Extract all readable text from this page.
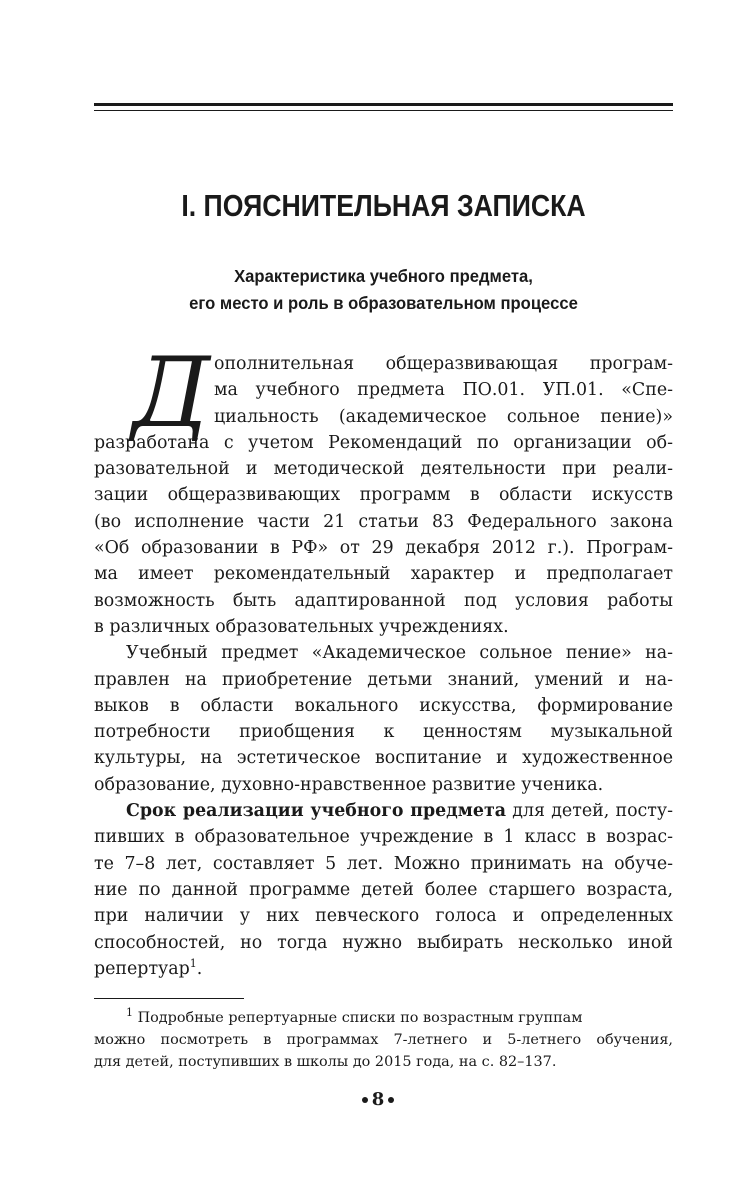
I. ПОЯСНИТЕЛЬНАЯ ЗАПИСКА
Характеристика учебного предмета,
его место и роль в образовательном процессе
Д ополнительная общеразвивающая програм-
ма учебного предмета ПО.01. УП.01. «Спе-
циальность (академическое сольное пение)»
разработана с учетом Рекомендаций по организации об-
разовательной и методической деятельности при реали-
зации общеразвивающих программ в области искусств
(во исполнение части 21 статьи 83 Федерального закона
«Об образовании в РФ» от 29 декабря 2012 г.). Програм-
ма имеет рекомендательный характер и предполагает
возможность быть адаптированной под условия работы
в различных образовательных учреждениях.
Учебный предмет «Академическое сольное пение» на-
правлен на приобретение детьми знаний, умений и на-
выков в области вокального искусства, формирование
потребности приобщения к ценностям музыкальной
культуры, на эстетическое воспитание и художественное
образование, духовно-нравственное развитие ученика.
Срок реализации учебного предмета для детей, посту-
пивших в образовательное учреждение в 1 класс в возрас-
те 7–8 лет, составляет 5 лет. Можно принимать на обуче-
ние по данной программе детей более старшего возраста,
при наличии у них певческого голоса и определенных
способностей, но тогда нужно выбирать несколько иной
репертуар$^1$.
$^1$ Подробные репертуарные списки по возрастным группам
можно посмотреть в программах 7-летнего и 5-летнего обучения,
для детей, поступивших в школы до 2015 года, на с. 82–137.
8
